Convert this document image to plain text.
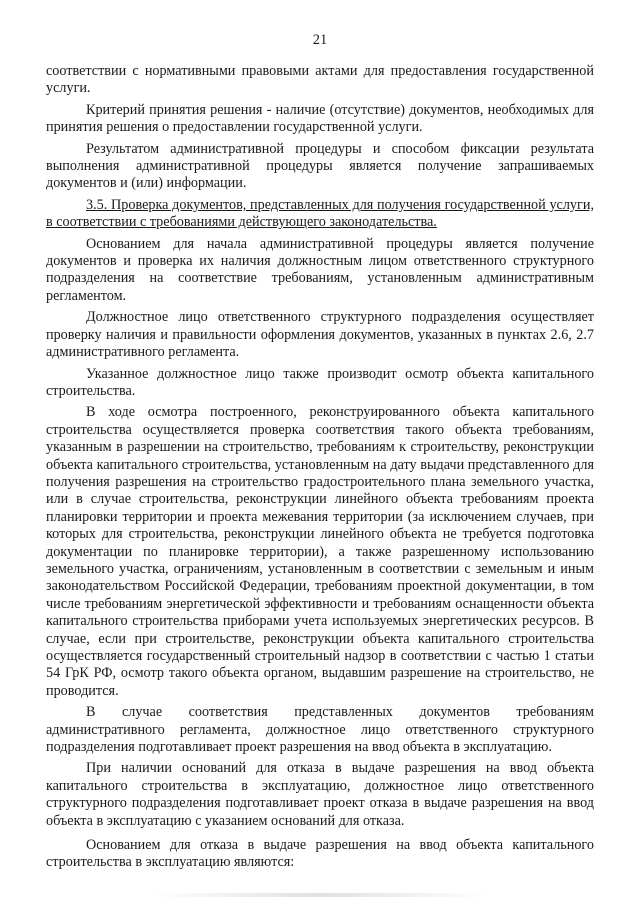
21

соответствии с нормативными правовыми актами для предоставления государственной услуги.

Критерий принятия решения - наличие (отсутствие) документов, необходимых для принятия решения о предоставлении государственной услуги.

Результатом административной процедуры и способом фиксации результата выполнения административной процедуры является получение запрашиваемых документов и (или) информации.

3.5. Проверка документов, представленных для получения государственной услуги, в соответствии с требованиями действующего законодательства.

Основанием для начала административной процедуры является получение документов и проверка их наличия должностным лицом ответственного структурного подразделения на соответствие требованиям, установленным административным регламентом.

Должностное лицо ответственного структурного подразделения осуществляет проверку наличия и правильности оформления документов, указанных в пунктах 2.6, 2.7 административного регламента.

Указанное должностное лицо также производит осмотр объекта капитального строительства.

В ходе осмотра построенного, реконструированного объекта капитального строительства осуществляется проверка соответствия такого объекта требованиям, указанным в разрешении на строительство, требованиям к строительству, реконструкции объекта капитального строительства, установленным на дату выдачи представленного для получения разрешения на строительство градостроительного плана земельного участка, или в случае строительства, реконструкции линейного объекта требованиям проекта планировки территории и проекта межевания территории (за исключением случаев, при которых для строительства, реконструкции линейного объекта не требуется подготовка документации по планировке территории), а также разрешенному использованию земельного участка, ограничениям, установленным в соответствии с земельным и иным законодательством Российской Федерации, требованиям проектной документации, в том числе требованиям энергетической эффективности и требованиям оснащенности объекта капитального строительства приборами учета используемых энергетических ресурсов. В случае, если при строительстве, реконструкции объекта капитального строительства осуществляется государственный строительный надзор в соответствии с частью 1 статьи 54 ГрК РФ, осмотр такого объекта органом, выдавшим разрешение на строительство, не проводится.

В случае соответствия представленных документов требованиям административного регламента, должностное лицо ответственного структурного подразделения подготавливает проект разрешения на ввод объекта в эксплуатацию.

При наличии оснований для отказа в выдаче разрешения на ввод объекта капитального строительства в эксплуатацию, должностное лицо ответственного структурного подразделения подготавливает проект отказа в выдаче разрешения на ввод объекта в эксплуатацию с указанием оснований для отказа.

Основанием для отказа в выдаче разрешения на ввод объекта капитального строительства в эксплуатацию являются:
